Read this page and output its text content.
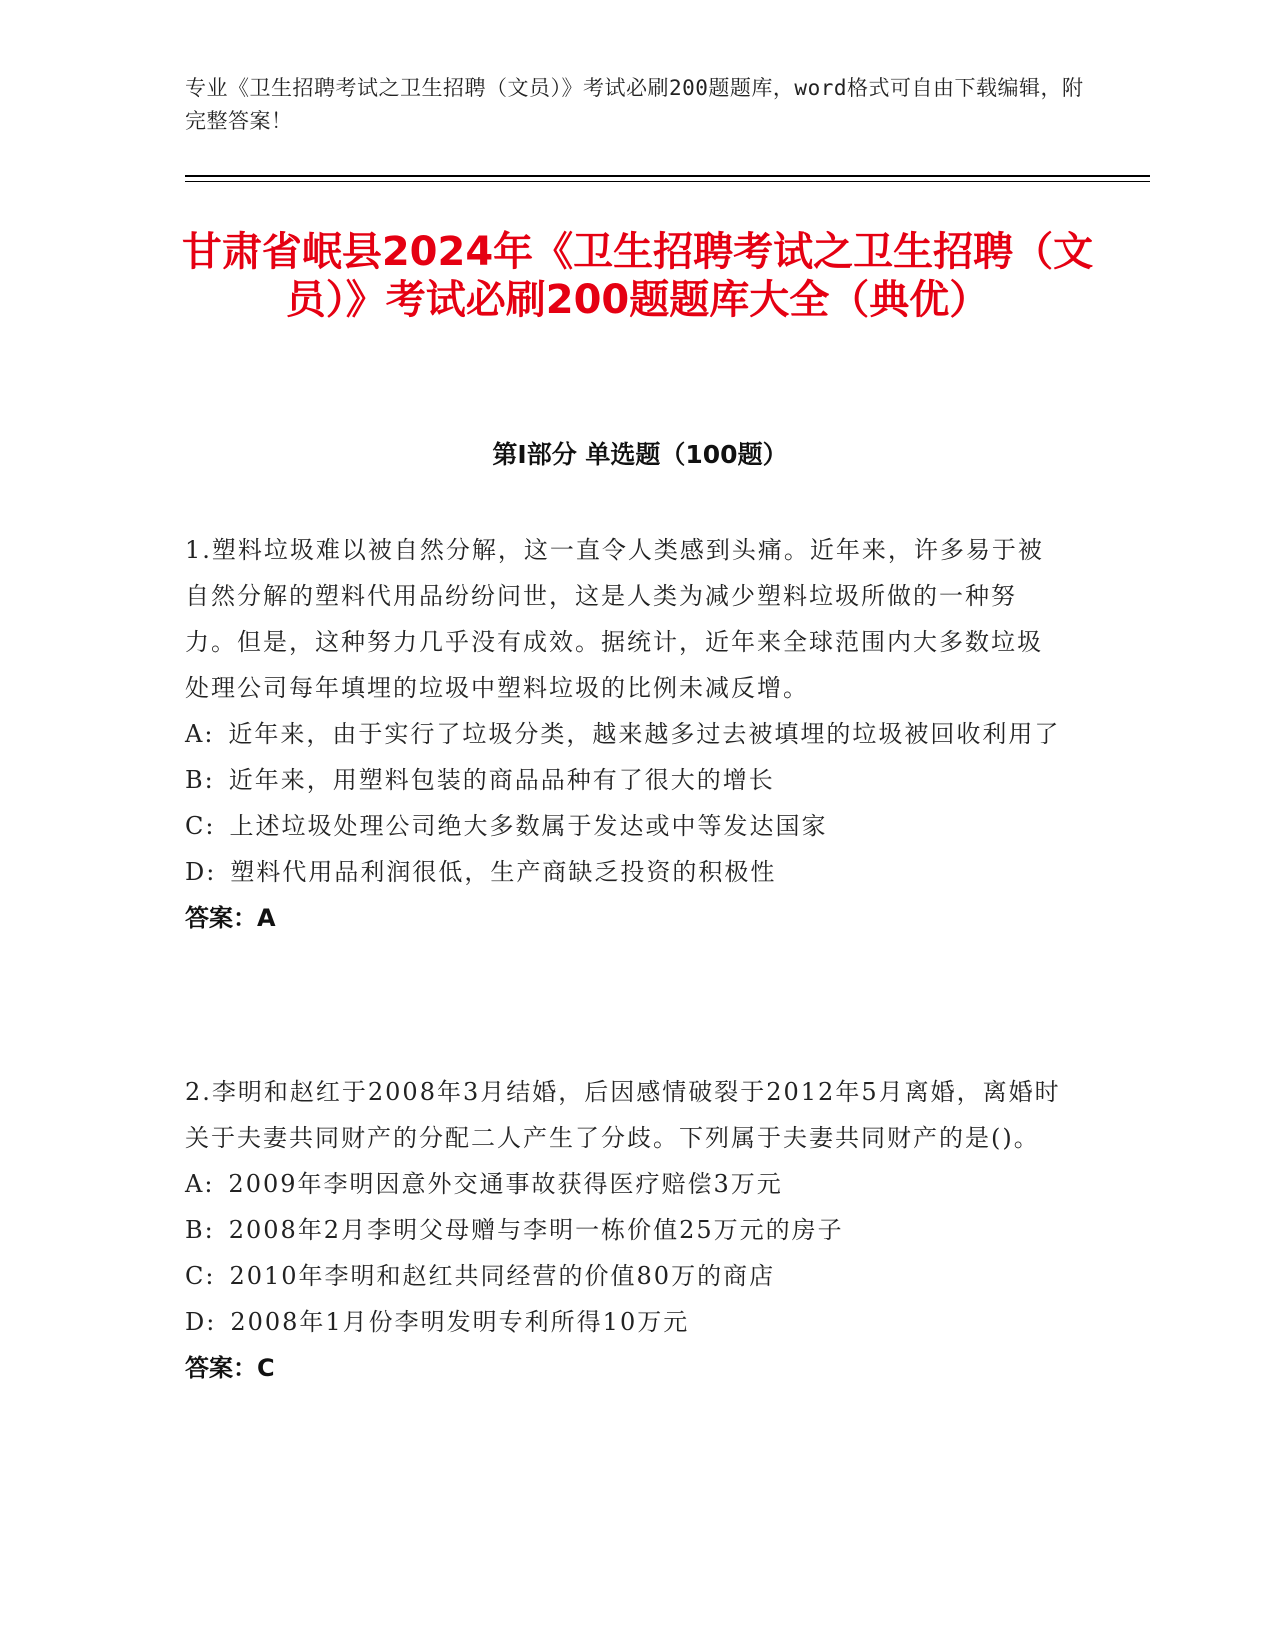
专业《卫生招聘考试之卫生招聘（文员）》考试必刷200题题库，word格式可自由下载编辑，附完整答案！
甘肃省岷县2024年《卫生招聘考试之卫生招聘（文员）》考试必刷200题题库大全（典优）
第I部分 单选题（100题）

1.塑料垃圾难以被自然分解，这一直令人类感到头痛。近年来，许多易于被自然分解的塑料代用品纷纷问世，这是人类为减少塑料垃圾所做的一种努力。但是，这种努力几乎没有成效。据统计，近年来全球范围内大多数垃圾处理公司每年填埋的垃圾中塑料垃圾的比例未减反增。

A: 近年来，由于实行了垃圾分类，越来越多过去被填埋的垃圾被回收利用了

B: 近年来，用塑料包装的商品品种有了很大的增长

C: 上述垃圾处理公司绝大多数属于发达或中等发达国家

D: 塑料代用品利润很低，生产商缺乏投资的积极性

答案：A

2.李明和赵红于2008年3月结婚，后因感情破裂于2012年5月离婚，离婚时关于夫妻共同财产的分配二人产生了分歧。下列属于夫妻共同财产的是()。

A: 2009年李明因意外交通事故获得医疗赔偿3万元

B: 2008年2月李明父母赠与李明一栋价值25万元的房子

C: 2010年李明和赵红共同经营的价值80万的商店

D: 2008年1月份李明发明专利所得10万元

答案：C
